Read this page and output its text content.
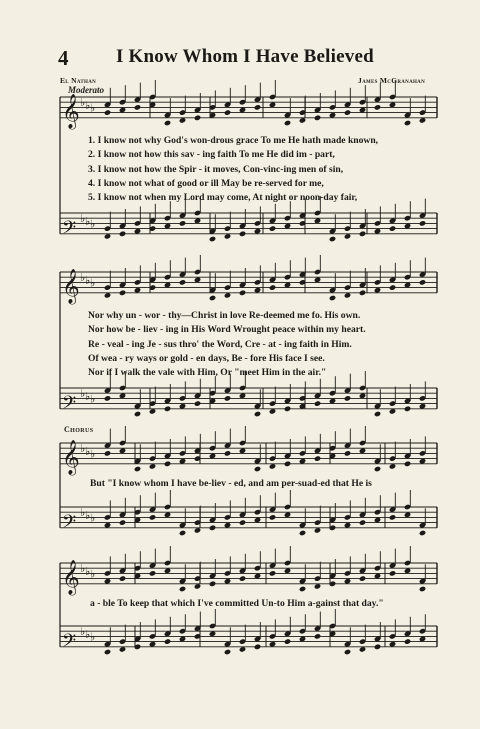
4	I Know Whom I Have Believed
El Nathan	James McGranahan
Moderato
𝄞 ♭ ♭ ♭
𝄢 ♭ ♭ ♭
𝄞 ♭ ♭ ♭
𝄢 ♭ ♭ ♭
𝄞 ♭ ♭ ♭
𝄢 ♭ ♭ ♭
𝄞 ♭ ♭ ♭
𝄢 ♭ ♭ ♭
1. I know not why God's won-drous grace To me He hath made known,
2. I know not how this sav - ing faith To me He did im - part,
3. I know not how the Spir - it moves, Con-vinc-ing men of sin,
4. I know not what of good or ill May be re-served for me,
5. I know not when my Lord may come, At night or noon-day fair,
Nor why un - wor - thy—Christ in love Re-deemed me fo. His own.
Nor how be - liev - ing in His Word Wrought peace within my heart.
Re - veal - ing Je - sus thro' the Word, Cre - at - ing faith in Him.
Of wea - ry ways or gold - en days, Be - fore His face I see.
Nor if I walk the vale with Him, Or "meet Him in the air."
Chorus
But "I know whom I have be-liev - ed, and am per-suad-ed that He is
a - ble To keep that which I've committed Un-to Him a-gainst that day."
